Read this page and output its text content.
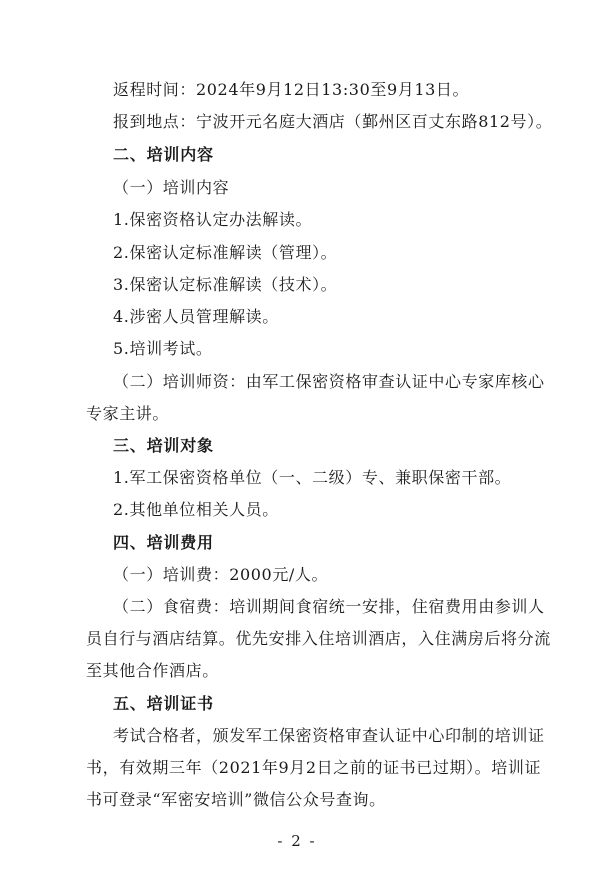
返程时间：2024年9月12日13:30至9月13日。
报到地点：宁波开元名庭大酒店（鄞州区百丈东路812号）。
二、培训内容
（一）培训内容
1.保密资格认定办法解读。
2.保密认定标准解读（管理）。
3.保密认定标准解读（技术）。
4.涉密人员管理解读。
5.培训考试。
（二）培训师资：由军工保密资格审查认证中心专家库核心
专家主讲。
三、培训对象
1.军工保密资格单位（一、二级）专、兼职保密干部。
2.其他单位相关人员。
四、培训费用
（一）培训费：2000元/人。
（二）食宿费：培训期间食宿统一安排，住宿费用由参训人
员自行与酒店结算。优先安排入住培训酒店，入住满房后将分流
至其他合作酒店。
五、培训证书
考试合格者，颁发军工保密资格审查认证中心印制的培训证
书，有效期三年（2021年9月2日之前的证书已过期）。培训证
书可登录“军密安培训”微信公众号查询。
- 2 -
